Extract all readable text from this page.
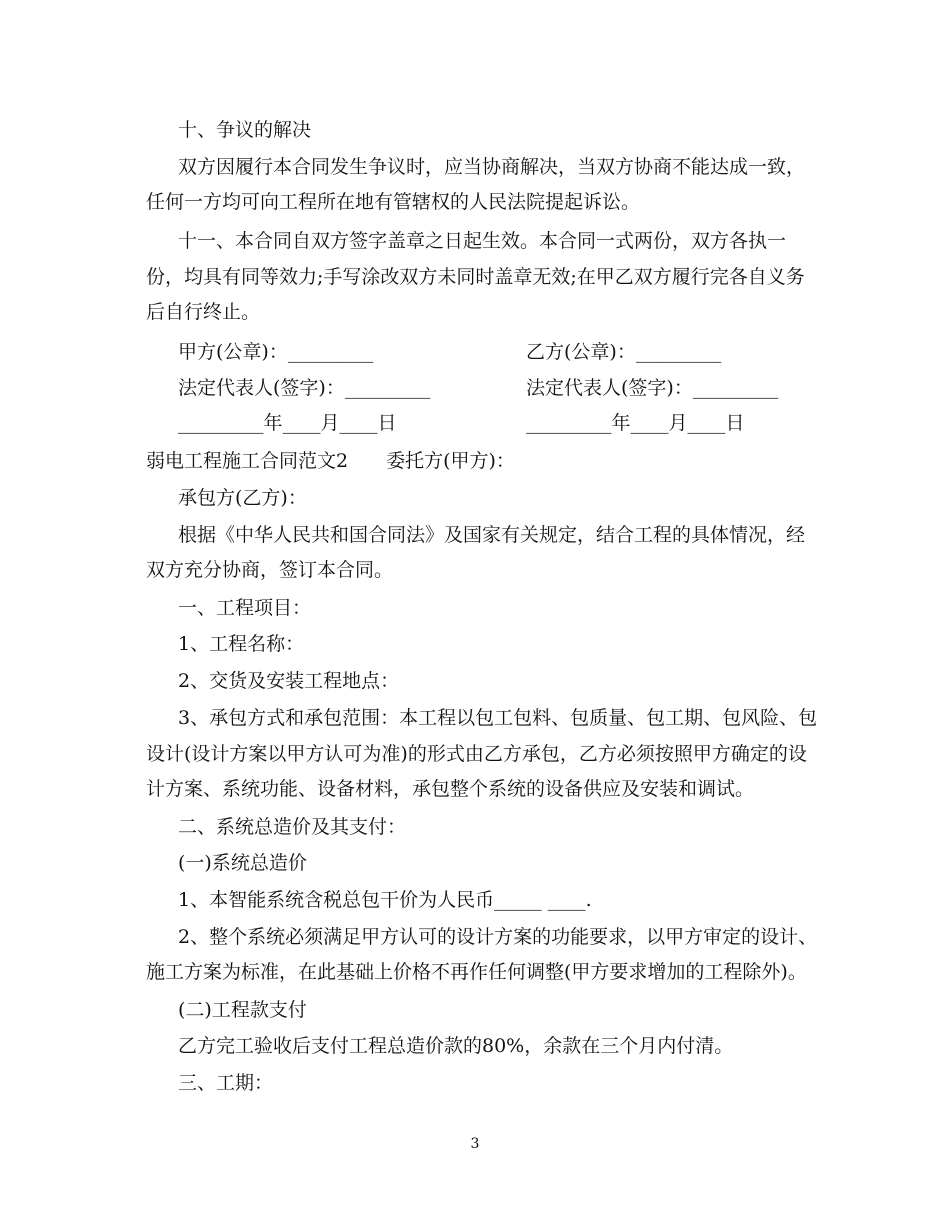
十、争议的解决
双方因履行本合同发生争议时，应当协商解决，当双方协商不能达成一致，
任何一方均可向工程所在地有管辖权的人民法院提起诉讼。
十一、本合同自双方签字盖章之日起生效。本合同一式两份，双方各执一
份，均具有同等效力;手写涂改双方未同时盖章无效;在甲乙双方履行完各自义务
后自行终止。
甲方(公章)：_________	乙方(公章)：_________
法定代表人(签字)：_________	法定代表人(签字)：_________
_________年____月____日	_________年____月____日
弱电工程施工合同范文2　　委托方(甲方)：
承包方(乙方)：
根据《中华人民共和国合同法》及国家有关规定，结合工程的具体情况，经
双方充分协商，签订本合同。
一、工程项目：
1、工程名称：
2、交货及安装工程地点：
3、承包方式和承包范围：本工程以包工包料、包质量、包工期、包风险、包
设计(设计方案以甲方认可为准)的形式由乙方承包，乙方必须按照甲方确定的设
计方案、系统功能、设备材料，承包整个系统的设备供应及安装和调试。
二、系统总造价及其支付：
(一)系统总造价
1、本智能系统含税总包干价为人民币_____ ____.
2、整个系统必须满足甲方认可的设计方案的功能要求，以甲方审定的设计、
施工方案为标准，在此基础上价格不再作任何调整(甲方要求增加的工程除外)。
(二)工程款支付
乙方完工验收后支付工程总造价款的80%，余款在三个月内付清。
三、工期：
3
